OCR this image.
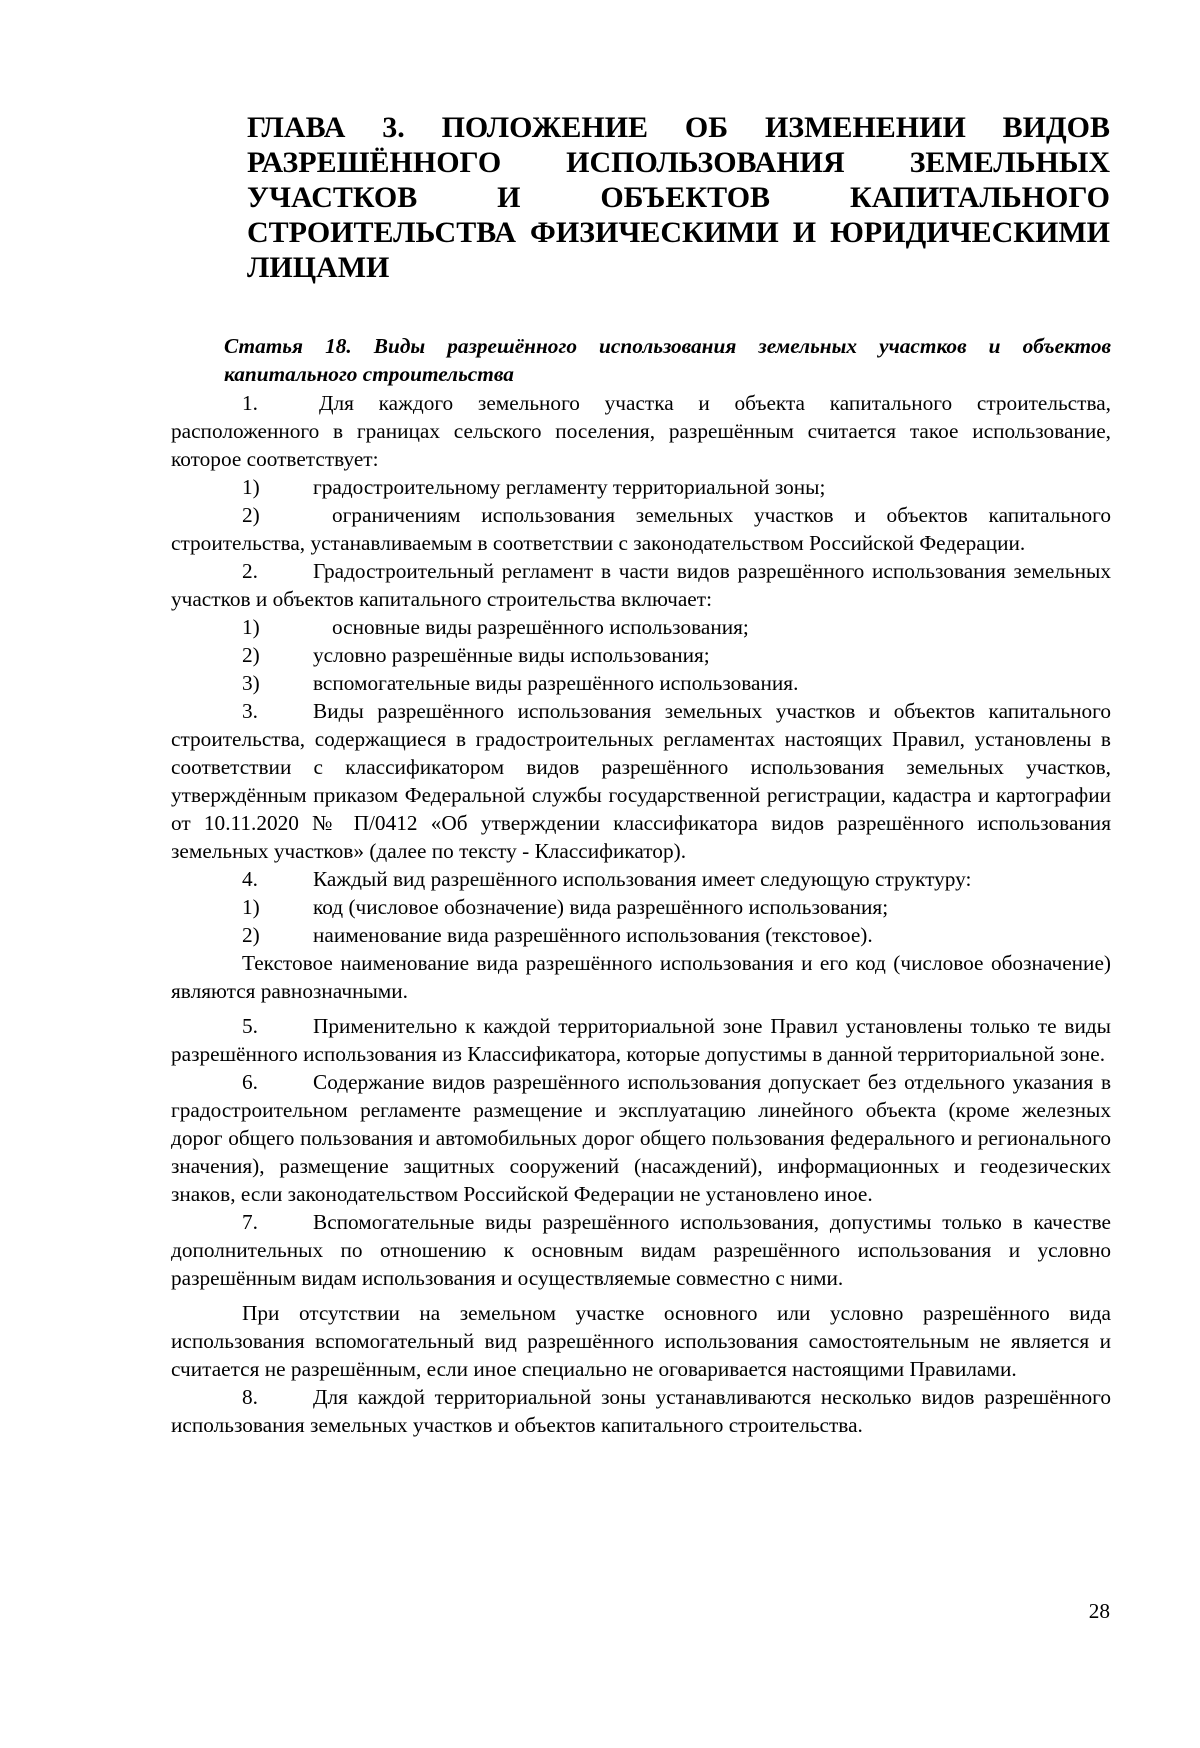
ГЛАВА 3. ПОЛОЖЕНИЕ ОБ ИЗМЕНЕНИИ ВИДОВ РАЗРЕШЁННОГО ИСПОЛЬЗОВАНИЯ ЗЕМЕЛЬНЫХ УЧАСТКОВ И ОБЪЕКТОВ КАПИТАЛЬНОГО СТРОИТЕЛЬСТВА ФИЗИЧЕСКИМИ И ЮРИДИЧЕСКИМИ ЛИЦАМИ

Статья 18. Виды разрешённого использования земельных участков и объектов капитального строительства

1.	Для каждого земельного участка и объекта капитального строительства, расположенного в границах сельского поселения, разрешённым считается такое использование, которое соответствует:

1)	градостроительному регламенту территориальной зоны;

2)	ограничениям использования земельных участков и объектов капитального строительства, устанавливаемым в соответствии с законодательством Российской Федерации.

2.	Градостроительный регламент в части видов разрешённого использования земельных участков и объектов капитального строительства включает:

1)	основные виды разрешённого использования;

2)	условно разрешённые виды использования;

3)	вспомогательные виды разрешённого использования.

3.	Виды разрешённого использования земельных участков и объектов капитального строительства, содержащиеся в градостроительных регламентах настоящих Правил, установлены в соответствии с классификатором видов разрешённого использования земельных участков, утверждённым приказом Федеральной службы государственной регистрации, кадастра и картографии от 10.11.2020 № П/0412 «Об утверждении классификатора видов разрешённого использования земельных участков» (далее по тексту - Классификатор).

4.	Каждый вид разрешённого использования имеет следующую структуру:

1)	код (числовое обозначение) вида разрешённого использования;

2)	наименование вида разрешённого использования (текстовое).

Текстовое наименование вида разрешённого использования и его код (числовое обозначение) являются равнозначными.

5.	Применительно к каждой территориальной зоне Правил установлены только те виды разрешённого использования из Классификатора, которые допустимы в данной территориальной зоне.

6.	Содержание видов разрешённого использования допускает без отдельного указания в градостроительном регламенте размещение и эксплуатацию линейного объекта (кроме железных дорог общего пользования и автомобильных дорог общего пользования федерального и регионального значения), размещение защитных сооружений (насаждений), информационных и геодезических знаков, если законодательством Российской Федерации не установлено иное.

7.	Вспомогательные виды разрешённого использования, допустимы только в качестве дополнительных по отношению к основным видам разрешённого использования и условно разрешённым видам использования и осуществляемые совместно с ними.

При отсутствии на земельном участке основного или условно разрешённого вида использования вспомогательный вид разрешённого использования самостоятельным не является и считается не разрешённым, если иное специально не оговаривается настоящими Правилами.

8.	Для каждой территориальной зоны устанавливаются несколько видов разрешённого использования земельных участков и объектов капитального строительства.

28
